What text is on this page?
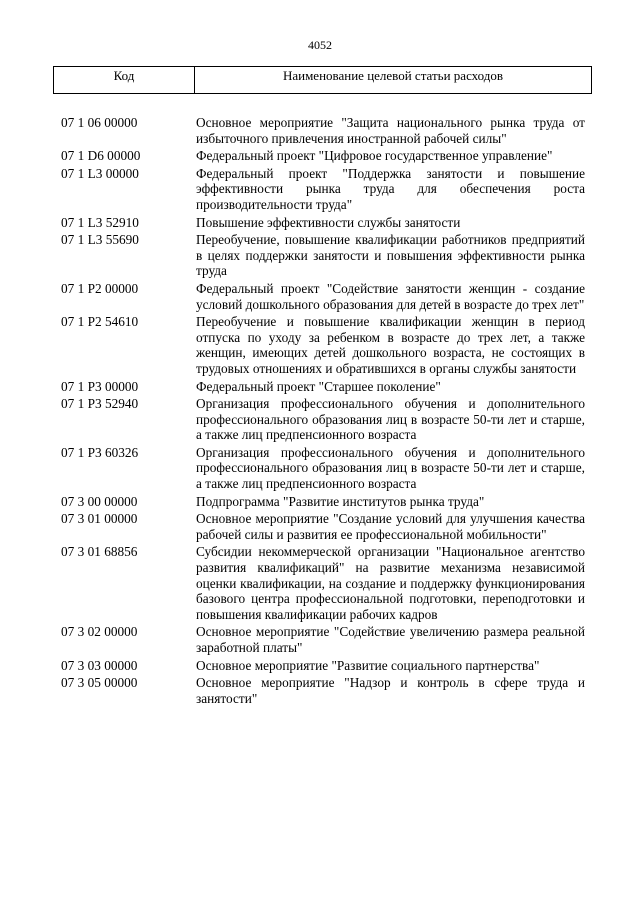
4052
Код	Наименование целевой статьи расходов
07 1 06 00000	Основное мероприятие "Защита национального рынка труда от избыточного привлечения иностранной рабочей силы"
07 1 D6 00000	Федеральный проект "Цифровое государственное управление"
07 1 L3 00000	Федеральный проект "Поддержка занятости и повышение эффективности рынка труда для обеспечения роста производительности труда"
07 1 L3 52910	Повышение эффективности службы занятости
07 1 L3 55690	Переобучение, повышение квалификации работников предприятий в целях поддержки занятости и повышения эффективности рынка труда
07 1 P2 00000	Федеральный проект "Содействие занятости женщин - создание условий дошкольного образования для детей в возрасте до трех лет"
07 1 P2 54610	Переобучение и повышение квалификации женщин в период отпуска по уходу за ребенком в возрасте до трех лет, а также женщин, имеющих детей дошкольного возраста, не состоящих в трудовых отношениях и обратившихся в органы службы занятости
07 1 P3 00000	Федеральный проект "Старшее поколение"
07 1 P3 52940	Организация профессионального обучения и дополнительного профессионального образования лиц в возрасте 50-ти лет и старше, а также лиц предпенсионного возраста
07 1 P3 60326	Организация профессионального обучения и дополнительного профессионального образования лиц в возрасте 50-ти лет и старше, а также лиц предпенсионного возраста
07 3 00 00000	Подпрограмма "Развитие институтов рынка труда"
07 3 01 00000	Основное мероприятие "Создание условий для улучшения качества рабочей силы и развития ее профессиональной мобильности"
07 3 01 68856	Субсидии некоммерческой организации "Национальное агентство развития квалификаций" на развитие механизма независимой оценки квалификации, на создание и поддержку функционирования базового центра профессиональной подготовки, переподготовки и повышения квалификации рабочих кадров
07 3 02 00000	Основное мероприятие "Содействие увеличению размера реальной заработной платы"
07 3 03 00000	Основное мероприятие "Развитие социального партнерства"
07 3 05 00000	Основное мероприятие "Надзор и контроль в сфере труда и занятости"
